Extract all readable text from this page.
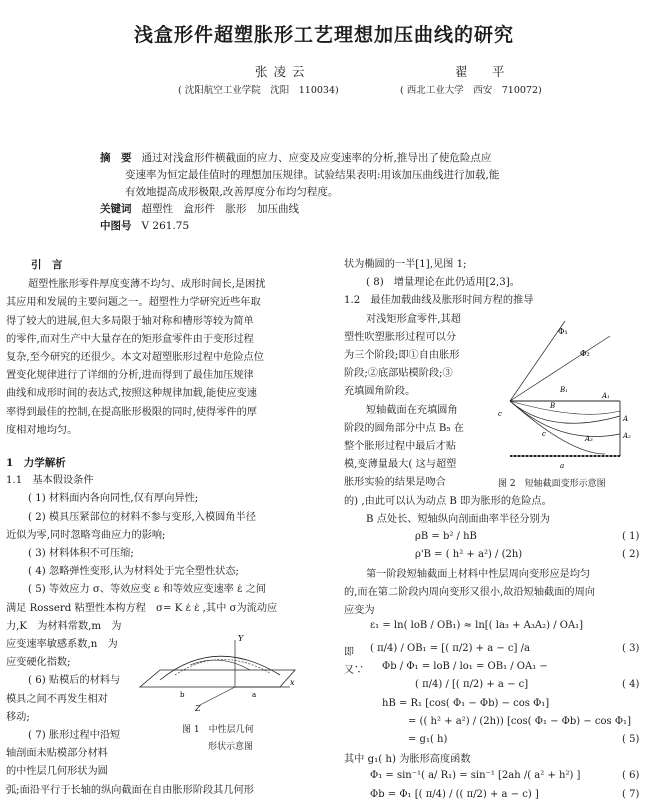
浅盒形件超塑胀形工艺理想加压曲线的研究
张凌云
( 沈阳航空工业学院　沈阳　110034)
翟　平
( 西北工业大学　西安　710072)
摘　要 通过对浅盒形件横截面的应力、应变及应变速率的分析,推导出了使危险点应
变速率为恒定最佳值时的理想加压规律。试验结果表明:用该加压曲线进行加载,能
有效地提高成形极限,改善厚度分布均匀程度。
关键词 超塑性　盒形件　胀形　加压曲线
中图号 V 261.75
引　言
超塑性胀形零件厚度变薄不均匀、成形时间长,是困扰
其应用和发展的主要问题之一。超塑性力学研究近些年取
得了较大的进展,但大多局限于轴对称和槽形等较为简单
的零件,而对生产中大量存在的矩形盒零件由于变形过程
复杂,至今研究的还很少。本文对超塑胀形过程中危险点位
置变化规律进行了详细的分析,进而得到了最佳加压规律
曲线和成形时间的表达式,按照这种规律加载,能使应变速
率得到最佳的控制,在提高胀形极限的同时,使得零件的厚
度相对地均匀。
1　力学解析
1.1　基本假设条件
( 1) 材料面内各向同性,仅有厚向异性;
( 2) 模具压紧部位的材料不参与变形,入模圆角半径
近似为零,同时忽略弯曲应力的影响;
( 3) 材料体积不可压缩;
( 4) 忽略弹性变形,认为材料处于完全塑性状态;
( 5) 等效应力 σ、等效应变 ε 和等效应变速率 ε̇ 之间
满足 Rosserd 粘塑性本构方程　σ= K ε̇ ε̇ ,其中 σ为流动应
力,K　为材料常数,m　为
应变速率敏感系数,n　为
应变硬化指数;
( 6) 贴模后的材料与
模具之间不再发生相对
移动;
( 7) 胀形过程中沿短
轴剖面未贴模部分材料
的中性层几何形状为圆
弧;面沿平行于长轴的纵向截面在自由胀形阶段其几何形
Y
x
Z
b	a
图 1　中性层几何
形状示意图
状为椭圆的一半[1],见图 1;
( 8)　增量理论在此仍适用[2,3]。
1.2　最佳加载曲线及胀形时间方程的推导
对浅矩形盒零件,其超
塑性吹塑胀形过程可以分
为三个阶段;即①自由胀形
阶段;②底部贴模阶段;③
充填圆角阶段。
短轴截面在充填圆角
阶段的圆角部分中点 B₅ 在
整个胀形过程中最后才贴
模,变薄量最大( 这与超塑
胀形实验的结果是吻合
的) ,由此可以认为动点 B 即为胀形的危险点。
B 点处长、短轴纵向剖面曲率半径分别为
Φ₁
Φ₂
B₁
B
A₁
A
A₂
c
c
A₃
a
图 2　短轴截面变形示意图
ρB = b² / hB	( 1)
ρ'B = ( h² + a²) / (2h)	( 2)
第一阶段短轴截面上材料中性层周向变形应是均匀
的,而在第二阶段内周向变形又很小,故沿短轴截面的周向
应变为
ε₁ = ln( loB / OB₁) ≈ ln[( la₃ + A₃A₂) / OA₁]
即 ( π/4) / OB₁ = [( π/2) + a − c] /a	( 3)
又∵ Φb / Φ₁ = loB / lo₁ = OB₁ / OA₁ −
( π/4) / [( π/2) + a − c]	( 4)
hB = R₁ [cos( Φ₁ − Φb) − cos Φ₁]
= (( h² + a²) / (2h)) [cos( Φ₁ − Φb) − cos Φ₁]
= g₁( h)	( 5)
其中 g₁( h) 为胀形高度函数
Φ₁ = sin⁻¹( a/ R₁) = sin⁻¹ [2ah /( a² + h²) ]	( 6)
Φb = Φ₁ [( π/4) / (( π/2) + a − c) ]	( 7)
